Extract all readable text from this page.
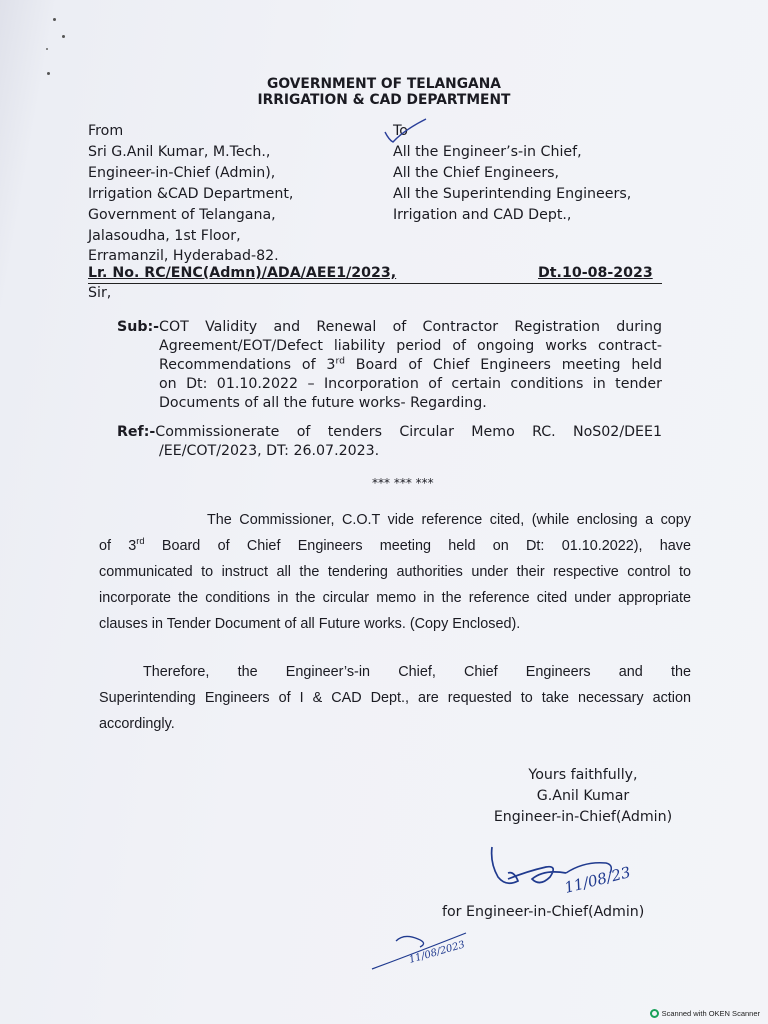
GOVERNMENT OF TELANGANA
IRRIGATION & CAD DEPARTMENT
From
Sri G.Anil Kumar, M.Tech.,
Engineer-in-Chief (Admin),
Irrigation &CAD Department,
Government of Telangana,
Jalasoudha, 1st Floor,
Erramanzil, Hyderabad-82.
To
All the Engineer’s-in Chief,
All the Chief Engineers,
All the Superintending Engineers,
Irrigation and CAD Dept.,
Lr. No. RC/ENC(Admn)/ADA/AEE1/2023,	Dt.10-08-2023
Sir,
Sub:-COT Validity and Renewal of Contractor Registration during
Agreement/EOT/Defect liability period of ongoing works contract-
Recommendations of 3rd Board of Chief Engineers meeting held
on Dt: 01.10.2022 – Incorporation of certain conditions in tender
Documents of all the future works- Regarding.
Ref:-Commissionerate of tenders Circular Memo RC. NoS02/DEE1
/EE/COT/2023, DT: 26.07.2023.
*** *** ***
The Commissioner, C.O.T vide reference cited, (while enclosing a copy
of 3rd Board of Chief Engineers meeting held on Dt: 01.10.2022), have
communicated to instruct all the tendering authorities under their respective control to
incorporate the conditions in the circular memo in the reference cited under appropriate
clauses in Tender Document of all Future works. (Copy Enclosed).
Therefore, the Engineer’s-in Chief, Chief Engineers and the
Superintending Engineers of I & CAD Dept., are requested to take necessary action
accordingly.
Yours faithfully,
G.Anil Kumar
Engineer-in-Chief(Admin)
11/08/23
for Engineer-in-Chief(Admin)
11/08/2023
Scanned with OKEN Scanner
